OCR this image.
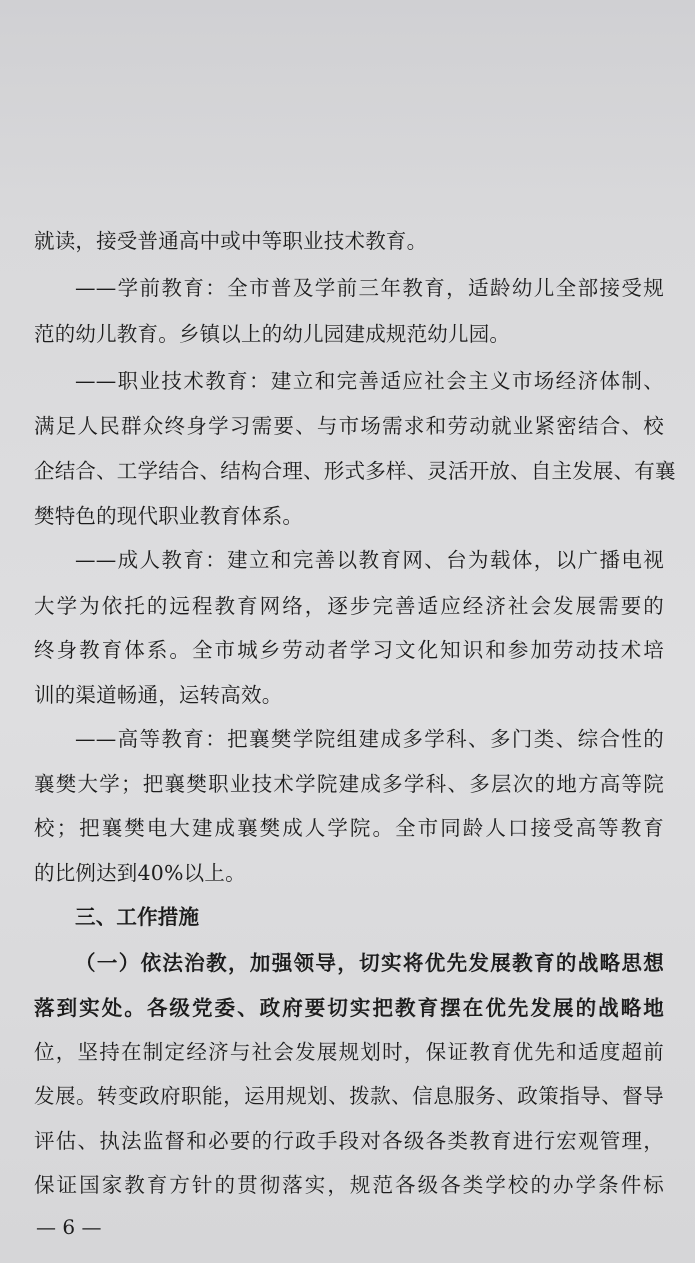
就读，接受普通高中或中等职业技术教育。
——学前教育：全市普及学前三年教育，适龄幼儿全部接受规
范的幼儿教育。乡镇以上的幼儿园建成规范幼儿园。
——职业技术教育：建立和完善适应社会主义市场经济体制、
满足人民群众终身学习需要、与市场需求和劳动就业紧密结合、校
企结合、工学结合、结构合理、形式多样、灵活开放、自主发展、有襄
樊特色的现代职业教育体系。
——成人教育：建立和完善以教育网、台为载体，以广播电视
大学为依托的远程教育网络，逐步完善适应经济社会发展需要的
终身教育体系。全市城乡劳动者学习文化知识和参加劳动技术培
训的渠道畅通，运转高效。
——高等教育：把襄樊学院组建成多学科、多门类、综合性的
襄樊大学；把襄樊职业技术学院建成多学科、多层次的地方高等院
校；把襄樊电大建成襄樊成人学院。全市同龄人口接受高等教育
的比例达到40%以上。
三、工作措施
（一）依法治教，加强领导，切实将优先发展教育的战略思想
落到实处。各级党委、政府要切实把教育摆在优先发展的战略地
位，坚持在制定经济与社会发展规划时，保证教育优先和适度超前
发展。转变政府职能，运用规划、拨款、信息服务、政策指导、督导
评估、执法监督和必要的行政手段对各级各类教育进行宏观管理，
保证国家教育方针的贯彻落实，规范各级各类学校的办学条件标
— 6 —
